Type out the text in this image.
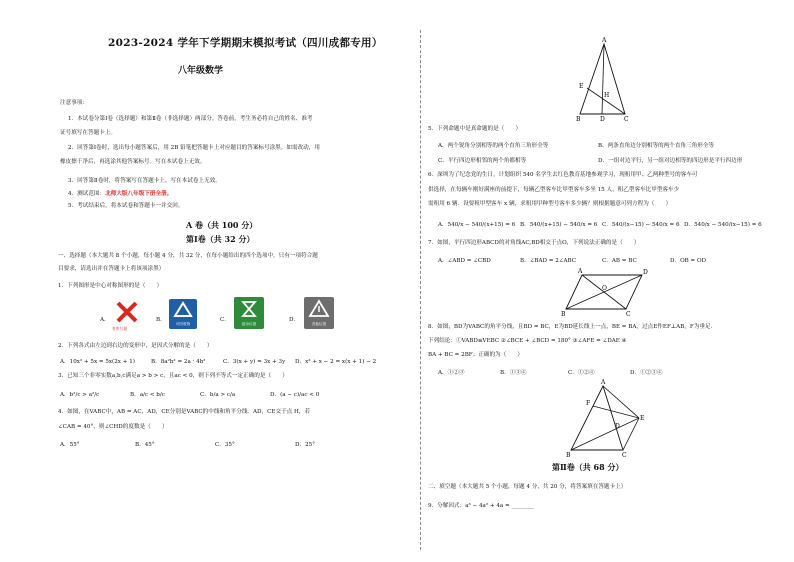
2023-2024 学年下学期期末模拟考试（四川成都专用）
八年级数学
注意事项：
1．本试卷分第Ⅰ卷（选择题）和第Ⅱ卷（非选择题）两部分。答卷前，考生务必将自己的姓名、准考
证号填写在答题卡上。
2．回答第Ⅰ卷时，选出每小题答案后，用 2B 铅笔把答题卡上对应题目的答案标号涂黑。如需改动，用
橡皮擦干净后，再选涂其他答案标号。写在本试卷上无效。
3．回答第Ⅱ卷时，将答案写在答题卡上。写在本试卷上无效。
4．测试范围：北师大版八年级下册全册。
5．考试结束后，将本试卷和答题卡一并交回。
A 卷（共 100 分）
第Ⅰ卷（共 32 分）
一、选择题（本大题共 8 个小题，每小题 4 分，共 32 分，在每小题给出的四个选项中，只有一项符合题
目要求，请选出并在答题卡上将该项涂黑）
1．下列图形是中心对称图形的是（　　）
A．	B．	C．	D．
有害垃圾
可回收物	厨余垃圾	其他垃圾
2．下列各式由左边到右边的变形中，是因式分解的是（　　）
A．10x² + 5x = 5x(2x + 1)	B．8a²b² = 2a · 4b²	C．3(x + y) = 3x + 3y D．x² + x − 2 = x(x + 1) − 2
3．已知三个非零实数a,b,c满足a > b > c，且ac < 0，则下列不等式一定正确的是（　　）
A．b²/c > a²/c	B．a/c < b/c	C．b/a > c/a	D．(a − c)/ac < 0
4．如图，在VABC中，AB = AC，AD，CE分别是VABC的中线和角平分线．AD，CE交于点 H，若
∠CAB = 40°，则∠CHD的度数是（　　）
A．55°	B．45°	C．35°	D．25°
A
E
H
B	D	C
5．下列命题中是真命题的是（　　）
A．两个锐角分别相等的两个直角三角形全等	B．两条直角边分别相等的两个直角三角形全等
C．平行四边形相邻的两个角都相等	D．一组对边平行，另一组对边相等的四边形是平行四边形
6．深圳为了纪念党的生日，计划组织 540 名学生去红色教育基地参观学习，现租用甲、乙两种型号的客车可
供选择，在每辆车刚好满座的前提下，每辆乙型客车比甲型客车多坐 15 人，租乙型客车比甲型客车少
需租用 6 辆．设要租甲型客车 x 辆，求租用甲种型号客车多少辆？则根据题意可列方程为（　　）
A．540/x − 540/(x+15) = 6 B．540/(x+15) − 540/x = 6 C．540/(x−15) − 540/x = 6 D．540/x − 540/(x−15) = 6
7．如图，平行四边形ABCD的对角线AC,BD相交于点O，下列说法正确的是（　　）
A．∠ABD = ∠CBD	B．∠BAD = 2∠ABC	C．AB = BC	D．OB = OD
A	D
O
B	C
8．如图，BD为VABC的角平分线，且BD = BC，E为BD延长线上一点，BE = BA，过点E作EF⊥AB，F为垂足．
下列结论：①VABD≌VEBC ②∠BCE + ∠BCD = 180° ③∠AFE = ∠DAE ④
BA + BC = 2BF；正确的为（　　）
A．①②③	B．①③④	C．①②④	D．①②③④
A
F
D
E
B	C
第Ⅱ卷（共 68 分）
二、填空题（本大题共 5 个小题，每题 4 分，共 20 分，将答案填在答题卡上）
9．分解因式：a³ − 4a² + 4a = ________
